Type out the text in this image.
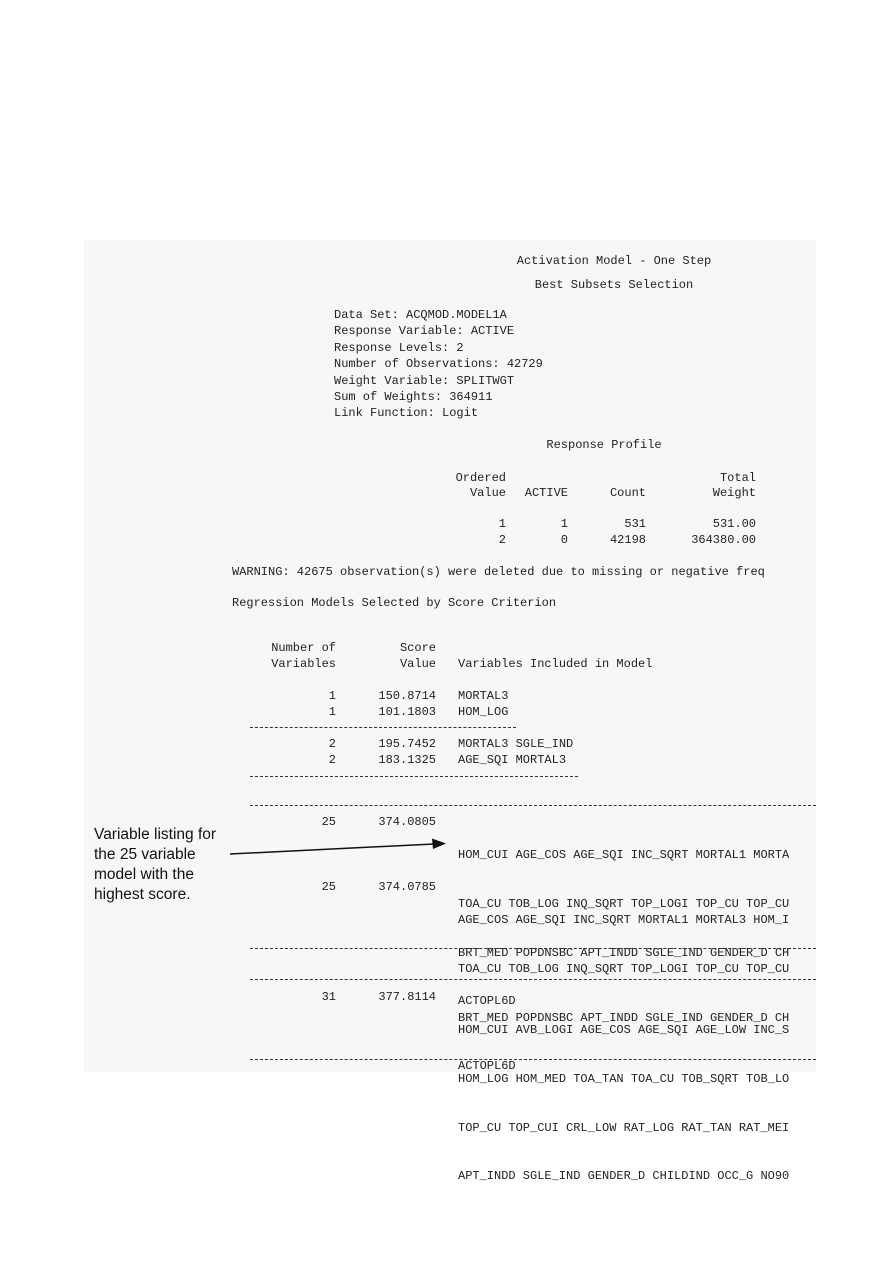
Activation Model - One Step
Best Subsets Selection
Data Set: ACQMOD.MODEL1A
Response Variable: ACTIVE
Response Levels: 2
Number of Observations: 42729
Weight Variable: SPLITWGT
Sum of Weights: 364911
Link Function: Logit
Response Profile
Ordered
Value	ACTIVE	Count
Total
Weight
1	1	531	531.00
2	0	42198	364380.00
WARNING: 42675 observation(s) were deleted due to missing or negative freq
Regression Models Selected by Score Criterion
Number of
Variables
Score
Value Variables Included in Model
1	150.8714 MORTAL3
1	101.1803 HOM_LOG
2	195.7452 MORTAL3 SGLE_IND
2	183.1325 AGE_SQI MORTAL3
25	374.0805

HOM_CUI AGE_COS AGE_SQI INC_SQRT MORTAL1 MORTA

TOA_CU TOB_LOG INQ_SQRT TOP_LOGI TOP_CU TOP_CU

BRT_MED POPDNSBC APT_INDD SGLE_IND GENDER_D CH

ACTOPL6D

25	374.0785

AGE_COS AGE_SQI INC_SQRT MORTAL1 MORTAL3 HOM_I

TOA_CU TOB_LOG INQ_SQRT TOP_LOGI TOP_CU TOP_CU

BRT_MED POPDNSBC APT_INDD SGLE_IND GENDER_D CH

ACTOPL6D

31	377.8114

HOM_CUI AVB_LOGI AGE_COS AGE_SQI AGE_LOW INC_S

HOM_LOG HOM_MED TOA_TAN TOA_CU TOB_SQRT TOB_LO

TOP_CU TOP_CUI CRL_LOW RAT_LOG RAT_TAN RAT_MEI

APT_INDD SGLE_IND GENDER_D CHILDIND OCC_G NO90

Variable listing for
the 25 variable
model with the
highest score.
